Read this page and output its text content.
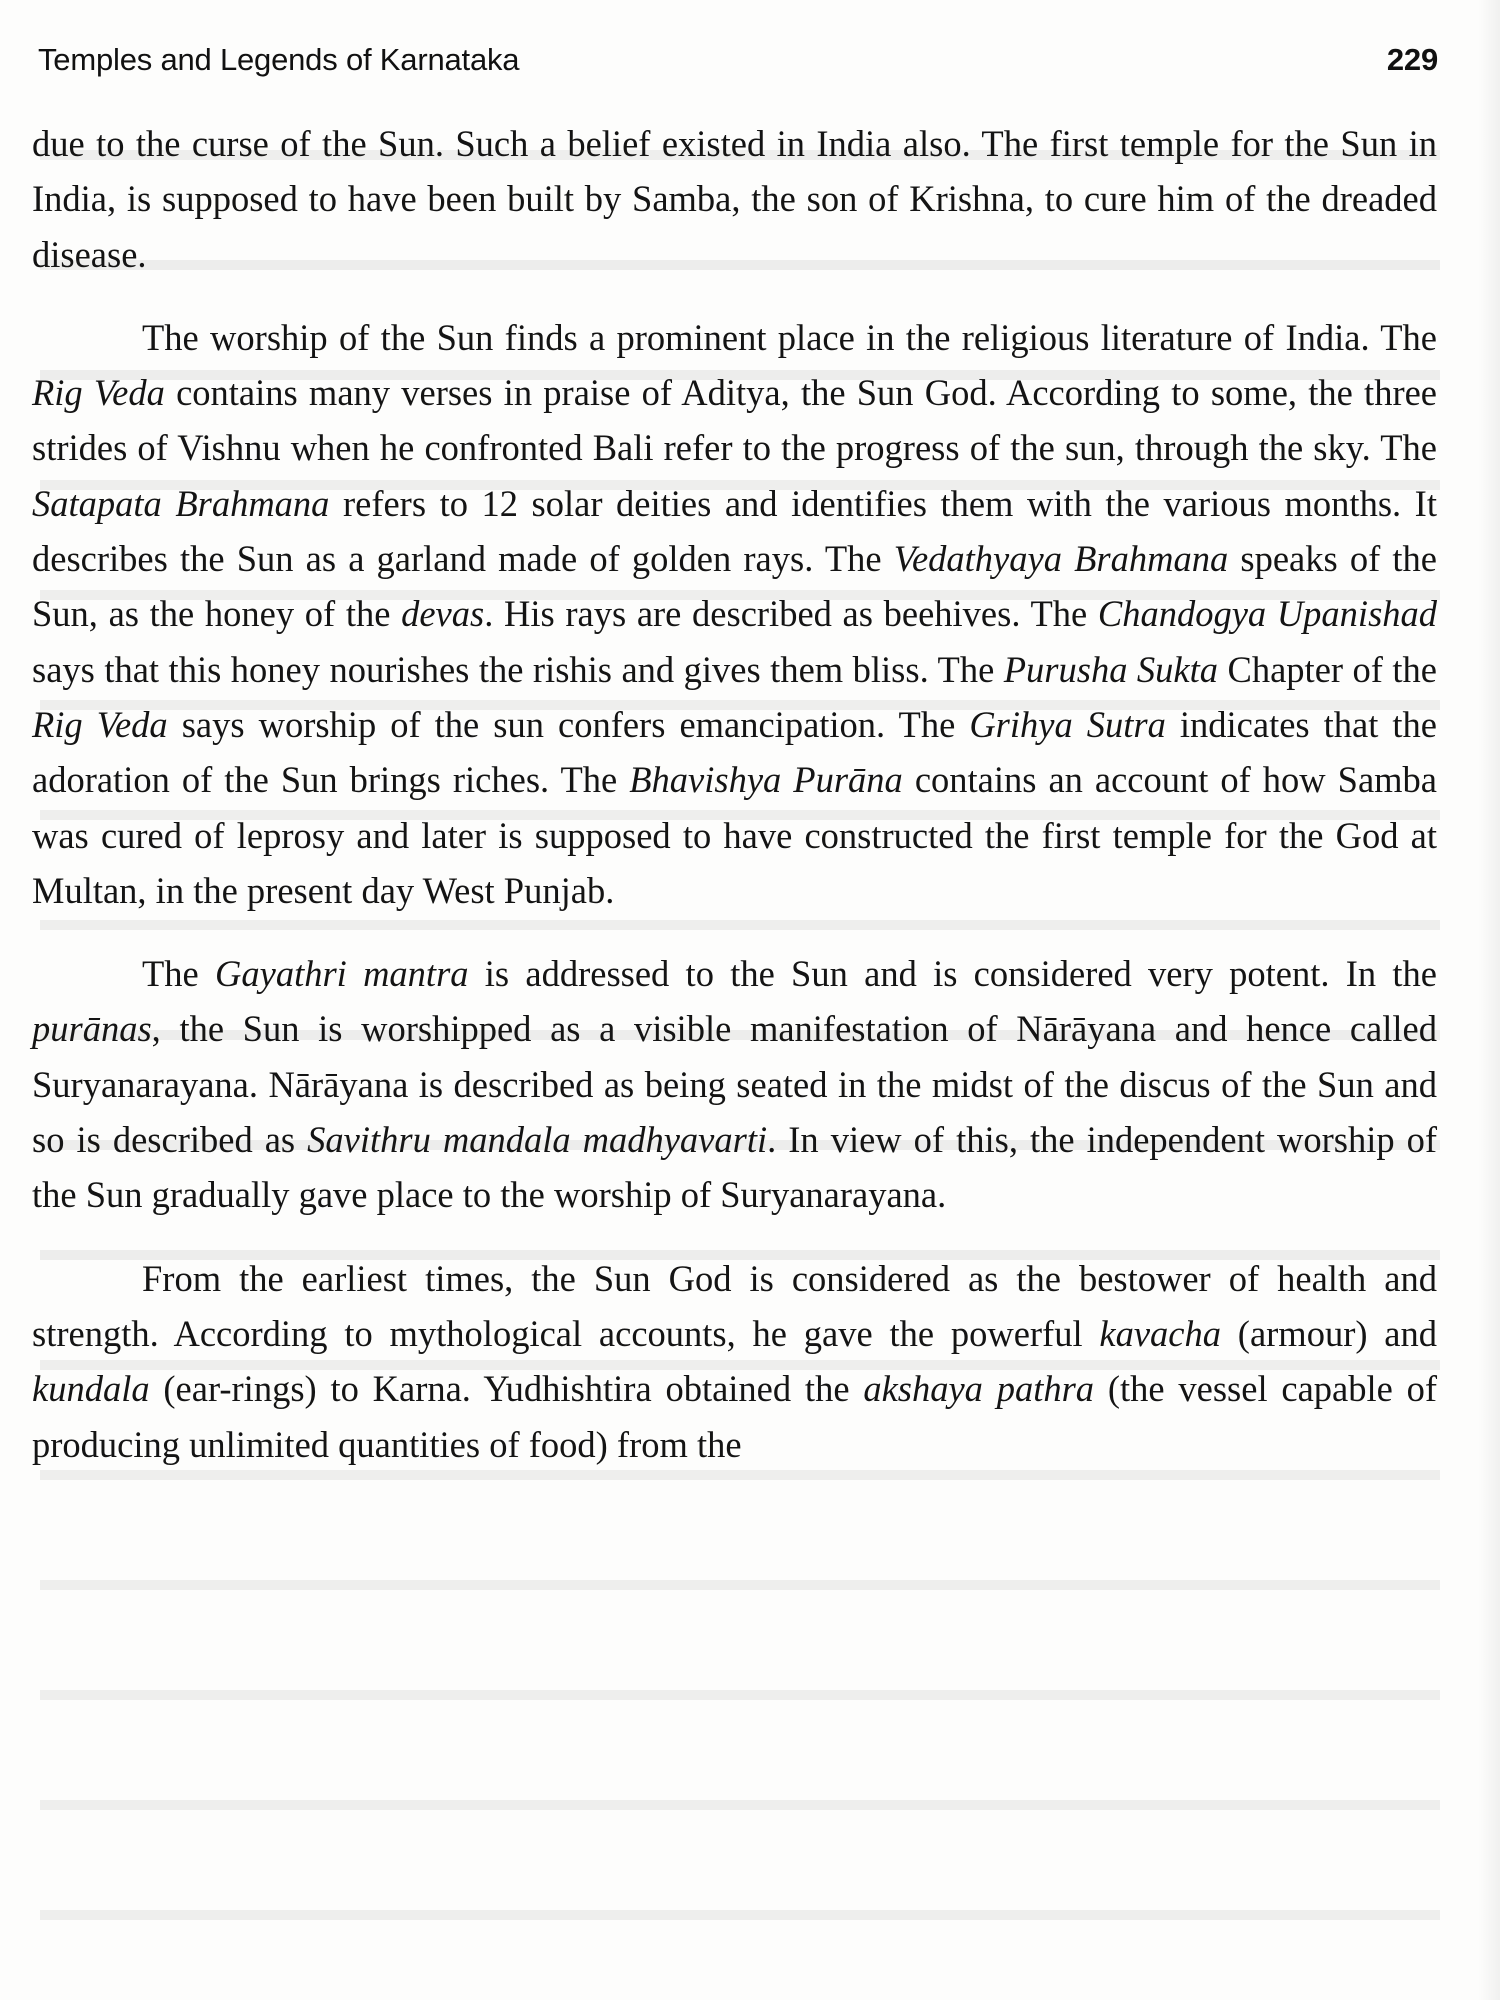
Temples and Legends of Karnataka	229

due to the curse of the Sun. Such a belief existed in India also. The first temple for the Sun in India, is supposed to have been built by Samba, the son of Krishna, to cure him of the dreaded disease.

The worship of the Sun finds a prominent place in the religious literature of India. The Rig Veda contains many verses in praise of Aditya, the Sun God. According to some, the three strides of Vishnu when he confronted Bali refer to the progress of the sun, through the sky. The Satapata Brahmana refers to 12 solar deities and identifies them with the various months. It describes the Sun as a garland made of golden rays. The Vedathyaya Brahmana speaks of the Sun, as the honey of the devas. His rays are described as beehives. The Chandogya Upanishad says that this honey nourishes the rishis and gives them bliss. The Purusha Sukta Chapter of the Rig Veda says worship of the sun confers emancipation. The Grihya Sutra indicates that the adoration of the Sun brings riches. The Bhavishya Purāna contains an account of how Samba was cured of leprosy and later is supposed to have constructed the first temple for the God at Multan, in the present day West Punjab.

The Gayathri mantra is addressed to the Sun and is considered very potent. In the purānas, the Sun is worshipped as a visible manifestation of Nārāyana and hence called Suryanarayana. Nārāyana is described as being seated in the midst of the discus of the Sun and so is described as Savithru mandala madhyavarti. In view of this, the independent worship of the Sun gradually gave place to the worship of Suryanarayana.

From the earliest times, the Sun God is considered as the bestower of health and strength. According to mythological accounts, he gave the powerful kavacha (armour) and kundala (ear-rings) to Karna. Yudhishtira obtained the akshaya pathra (the vessel capable of producing unlimited quantities of food) from the
